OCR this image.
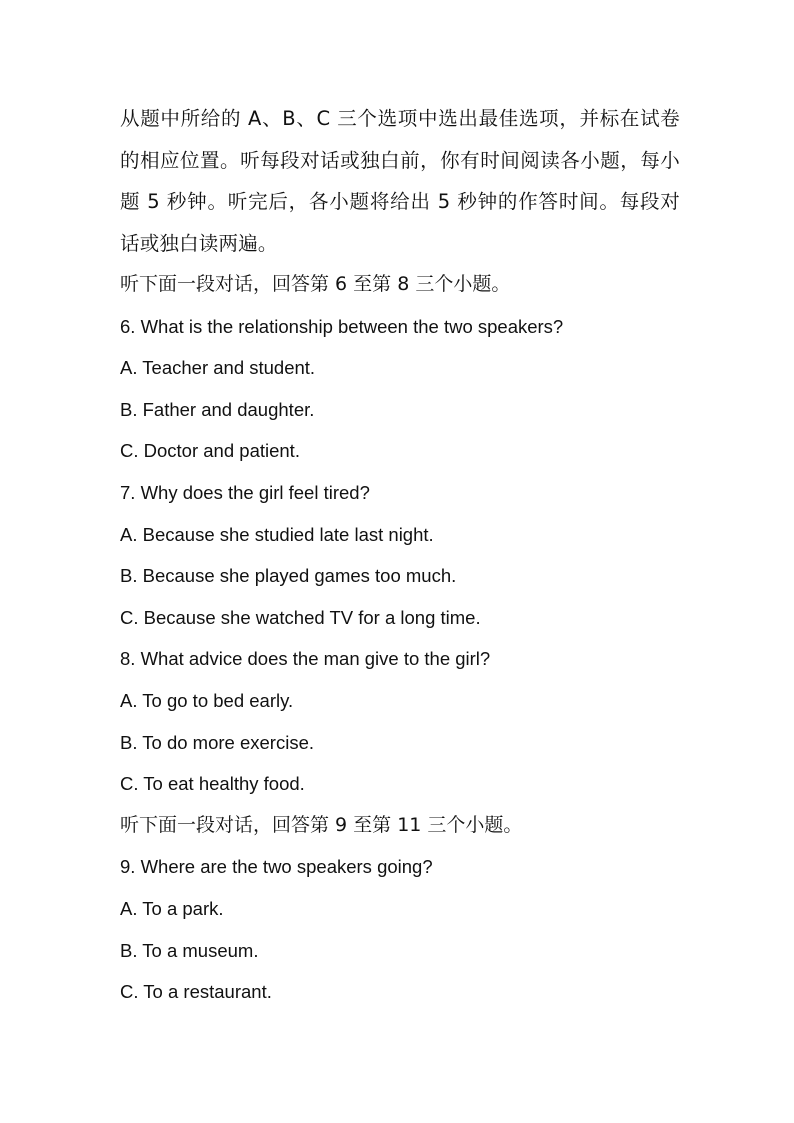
从题中所给的 A、B、C 三个选项中选出最佳选项，并标在试卷的相应位置。听每段对话或独白前，你有时间阅读各小题，每小题 5 秒钟。听完后，各小题将给出 5 秒钟的作答时间。每段对话或独白读两遍。

听下面一段对话，回答第 6 至第 8 三个小题。

6. What is the relationship between the two speakers?

A. Teacher and student.

B. Father and daughter.

C. Doctor and patient.

7. Why does the girl feel tired?

A. Because she studied late last night.

B. Because she played games too much.

C. Because she watched TV for a long time.

8. What advice does the man give to the girl?

A. To go to bed early.

B. To do more exercise.

C. To eat healthy food.

听下面一段对话，回答第 9 至第 11 三个小题。

9. Where are the two speakers going?

A. To a park.

B. To a museum.

C. To a restaurant.
